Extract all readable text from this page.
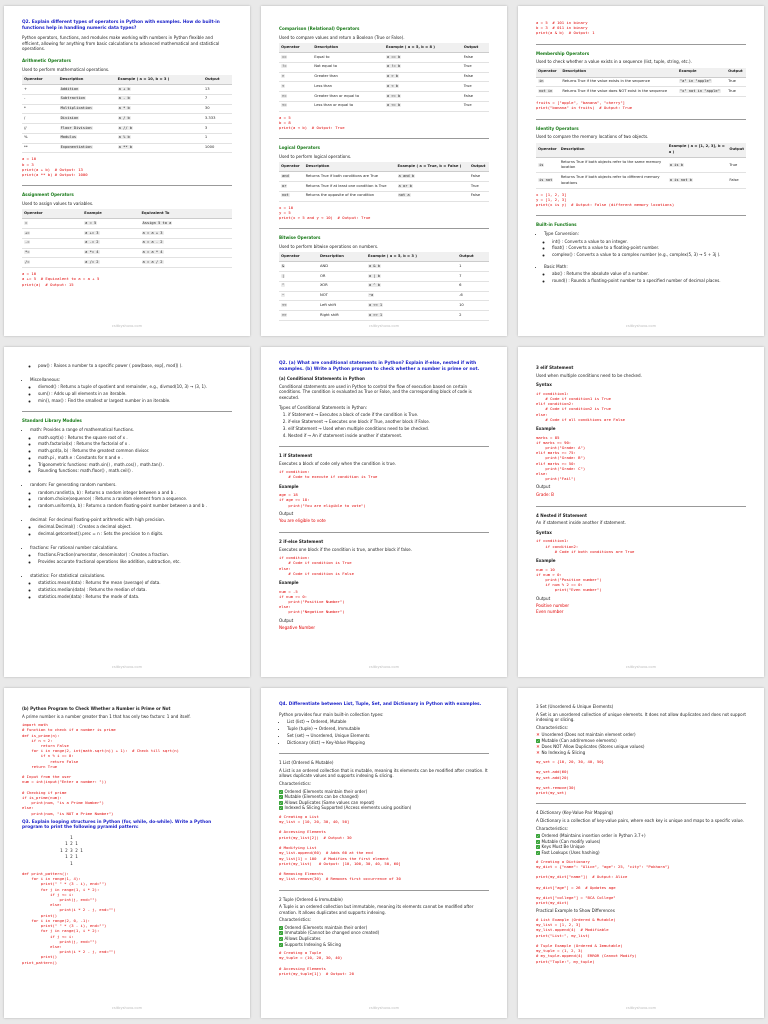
Q2. Explain different types of operators in Python with examples. How do built-in functions help in handling numeric data types?
Python operators, functions, and modules make working with numbers in Python flexible and efficient, allowing for anything from basic calculations to advanced mathematical and statistical operations.
Arithmetic Operators
Used to perform mathematical operations.
Operator	Description	Example ( a = 10, b = 3 )	Output
+	Addition	a + b	13
-	Subtraction	a - b	7
*	Multiplication	a * b	30
/	Division	a / b	3.333
//	Floor Division	a // b	3
%	Modulus	a % b	1
**	Exponentiation	a ** b	1000
a = 10
b = 3
print(a + b)  # Output: 13
print(a ** b) # Output: 1000
Assignment Operators
Used to assign values to variables.
Operator	Example	Equivalent To
=	a = 5	Assign 5 to a
+=	a += 3	a = a + 3
-=	a -= 2	a = a - 2
*=	a *= 4	a = a * 4
/=	a /= 2	a = a / 2
a = 10
a += 5  # Equivalent to a = a + 5
print(a)  # Output: 15
csitbyshuvo.com
Comparison (Relational) Operators
Used to compare values and return a Boolean (True or False).
Operator	Description	Example ( a = 5, b = 8 )	Output
==	Equal to	a == b	False
!=	Not equal to	a != b	True
>	Greater than	a > b	False
<	Less than	a < b	True
>=	Greater than or equal to	a >= b	False
<=	Less than or equal to	a <= b	True
a = 5
b = 8
print(a < b)  # Output: True
Logical Operators
Used to perform logical operations.
Operator	Description	Example ( a = True, b = False )	Output
and	Returns True if both conditions are True	a and b	False
or	Returns True if at least one condition is True	a or b	True
not	Returns the opposite of the condition	not a	False
x = 10
y = 5
print(x > 5 and y < 10)  # Output: True
Bitwise Operators
Used to perform bitwise operations on numbers.
Operator	Description	Example ( a = 5, b = 3 )	Output
&	AND	a & b	1
|	OR	a | b	7
^	XOR	a ^ b	6
~	NOT	~a	-6
<<	Left shift	a << 1	10
>>	Right shift	a >> 1	2
csitbyshuvo.com
a = 5  # 101 in binary
b = 3  # 011 in binary
print(a & b)  # Output: 1
Membership Operators
Used to check whether a value exists in a sequence (list, tuple, string, etc.).
Operator	Description	Example	Output
in	Returns True if the value exists in the sequence	"a" in "apple"	True
not in	Returns True if the value does NOT exist in the sequence	"x" not in "apple"	True
fruits = ["apple", "banana", "cherry"]
print("banana" in fruits)  # Output: True
Identity Operators
Used to compare the memory locations of two objects.
Operator	Description	Example ( a = [1, 2, 3], b = a )	Output
is	Returns True if both objects refer to the same memory location	a is b	True
is not	Returns True if both objects refer to different memory locations	a is not b	False
x = [1, 2, 3]
y = [1, 2, 3]
print(x is y)  # Output: False (different memory locations)
Built-in Functions
• Type Conversion:
◦ int() : Converts a value to an integer.
◦ float() : Converts a value to a floating-point number.
◦ complex() : Converts a value to a complex number (e.g., complex(5, 3) → 5 + 3j ).
• Basic Math:
◦ abs() : Returns the absolute value of a number.
◦ round() : Rounds a floating-point number to a specified number of decimal places.
csitbyshuvo.com
◦ pow() : Raises a number to a specific power ( pow(base, exp[, mod]) ).
• Miscellaneous:
◦ divmod() : Returns a tuple of quotient and remainder, e.g., divmod(10, 3) → (3, 1).
◦ sum() : Adds up all elements in an iterable.
◦ min(), max() : Find the smallest or largest number in an iterable.
Standard Library Modules
• math: Provides a range of mathematical functions.
◦ math.sqrt(x) : Returns the square root of x .
◦ math.factorial(x) : Returns the factorial of x .
◦ math.gcd(a, b) : Returns the greatest common divisor.
◦ math.pi , math.e : Constants for π and e .
◦ Trigonometric functions: math.sin() , math.cos() , math.tan() .
◦ Rounding functions: math.floor() , math.ceil() .
• random: For generating random numbers.
◦ random.randint(a, b) : Returns a random integer between a and b .
◦ random.choice(sequence) : Returns a random element from a sequence.
◦ random.uniform(a, b) : Returns a random floating-point number between a and b .
• decimal: For decimal floating-point arithmetic with high precision.
◦ decimal.Decimal() : Creates a decimal object.
◦ decimal.getcontext().prec = n : Sets the precision to n digits.
• fractions: For rational number calculations.
◦ fractions.Fraction(numerator, denominator) : Creates a fraction.
◦ Provides accurate fractional operations like addition, subtraction, etc.
• statistics: For statistical calculations.
◦ statistics.mean(data) : Returns the mean (average) of data.
◦ statistics.median(data) : Returns the median of data.
◦ statistics.mode(data) : Returns the mode of data.
csitbyshuvo.com
Q2. (a) What are conditional statements in Python? Explain if-else, nested if with examples. (b) Write a Python program to check whether a number is prime or not.
(a) Conditional Statements in Python
Conditional statements are used in Python to control the flow of execution based on certain conditions. The condition is evaluated as True or False, and the corresponding block of code is executed.
Types of Conditional Statements in Python:
1. if Statement → Executes a block of code if the condition is True.
2. if-else Statement → Executes one block if True, another block if False.
3. elif Statement → Used when multiple conditions need to be checked.
4. Nested if → An if statement inside another if statement.
1 if Statement
Executes a block of code only when the condition is true.
if condition:
# Code to execute if condition is True
Example
age = 18
if age >= 18:
print("You are eligible to vote")
Output
You are eligible to vote
2 if-else Statement
Executes one block if the condition is true, another block if false.
if condition:
# Code if condition is True
else:
# Code if condition is False
Example
num = -5
if num >= 0:
print("Positive Number")
else:
print("Negative Number")
Output
Negative Number
csitbyshuvo.com
3 elif Statement
Used when multiple conditions need to be checked.
Syntax
if condition1:
# Code if condition1 is True
elif condition2:
# Code if condition2 is True
else:
# Code if all conditions are False
Example
marks = 85
if marks >= 90:
print("Grade: A")
elif marks >= 75:
print("Grade: B")
elif marks >= 50:
print("Grade: C")
else:
print("Fail")
Output
Grade: B
4 Nested if Statement
An if statement inside another if statement.
Syntax
if condition1:
if condition2:
# Code if both conditions are True
Example
num = 10
if num > 0:
print("Positive number")
if num % 2 == 0:
print("Even number")
Output
Positive number
Even number
csitbyshuvo.com
(b) Python Program to Check Whether a Number is Prime or Not
A prime number is a number greater than 1 that has only two factors: 1 and itself.
import math
# Function to check if a number is prime
def is_prime(n):
if n < 2:
return False
for i in range(2, int(math.sqrt(n)) + 1):  # Check till sqrt(n)
if n % i == 0:
return False
return True

# Input from the user
num = int(input("Enter a number: "))

# Checking if prime
if is_prime(num):
print(num, "is a Prime Number")
else:
print(num, "is NOT a Prime Number")
Q3. Explain looping structures in Python (for, while, do-while). Write a Python program to print the following pyramid pattern:
1
1 2 1
1 2 3 2 1
1 2 1
1
def print_pattern():
for i in range(1, 4):
print(" " * (3 - i), end="")
for j in range(1, i * 2):
if j <= i:
print(j, end="")
else:
print(i * 2 - j, end="")
print()
for i in range(2, 0, -1):
print(" " * (3 - i), end="")
for j in range(1, i * 2):
if j <= i:
print(j, end="")
else:
print(i * 2 - j, end="")
print()
print_pattern()
csitbyshuvo.com
Q4. Differentiate between List, Tuple, Set, and Dictionary in Python with examples.
Python provides four main built-in collection types:
• List (list) → Ordered, Mutable
• Tuple (tuple) → Ordered, Immutable
• Set (set) → Unordered, Unique Elements
• Dictionary (dict) → Key-Value Mapping
1 List (Ordered & Mutable)
A List is an ordered collection that is mutable, meaning its elements can be modified after creation. It allows duplicate values and supports indexing & slicing.
Characteristics:
✓ Ordered (Elements maintain their order)
✓ Mutable (Elements can be changed)
✓ Allows Duplicates (Same values can repeat)
✓ Indexed & Slicing Supported (Access elements using position)
# Creating a List
my_list = [10, 20, 30, 40, 50]

# Accessing Elements
print(my_list[2])  # Output: 30

# Modifying List
my_list.append(60)  # Adds 60 at the end
my_list[1] = 100   # Modifies the first element
print(my_list)   # Output: [10, 100, 30, 40, 50, 60]

# Removing Elements
my_list.remove(30)  # Removes first occurrence of 30
2 Tuple (Ordered & Immutable)
A Tuple is an ordered collection but immutable, meaning its elements cannot be modified after creation. It allows duplicates and supports indexing.
Characteristics:
✓ Ordered (Elements maintain their order)
✓ Immutable (Cannot be changed once created)
✓ Allows Duplicates
✓ Supports Indexing & Slicing
# Creating a Tuple
my_tuple = (10, 20, 30, 40)

# Accessing Elements
print(my_tuple[1])  # Output: 20
csitbyshuvo.com
3 Set (Unordered & Unique Elements)
A Set is an unordered collection of unique elements. It does not allow duplicates and does not support indexing or slicing.
Characteristics:
✕ Unordered (Does not maintain element order)
✓ Mutable (Can add/remove elements)
✕ Does NOT Allow Duplicates (Stores unique values)
✕ No Indexing & Slicing
my_set = {10, 20, 30, 40, 50}

my_set.add(60)
my_set.add(20)

my_set.remove(30)
print(my_set)
4 Dictionary (Key-Value Pair Mapping)
A Dictionary is a collection of key-value pairs, where each key is unique and maps to a specific value.
Characteristics:
✓ Ordered (Maintains insertion order in Python 3.7+)
✓ Mutable (Can modify values)
✓ Keys Must Be Unique
✓ Fast Lookups (Uses hashing)
# Creating a Dictionary
my_dict = {"name": "Alice", "age": 25, "city": "Pokhara"}

print(my_dict["name"])  # Output: Alice

my_dict["age"] = 26  # Updates age

my_dict["college"] = "BCA College"
print(my_dict)
Practical Example to Show Differences
# List Example (Ordered & Mutable)
my_list = [1, 2, 3]
my_list.append(4)  # Modifiable
print("List:", my_list)

# Tuple Example (Ordered & Immutable)
my_tuple = (1, 2, 3)
# my_tuple.append(4)  ERROR (Cannot Modify)
print("Tuple:", my_tuple)
csitbyshuvo.com
